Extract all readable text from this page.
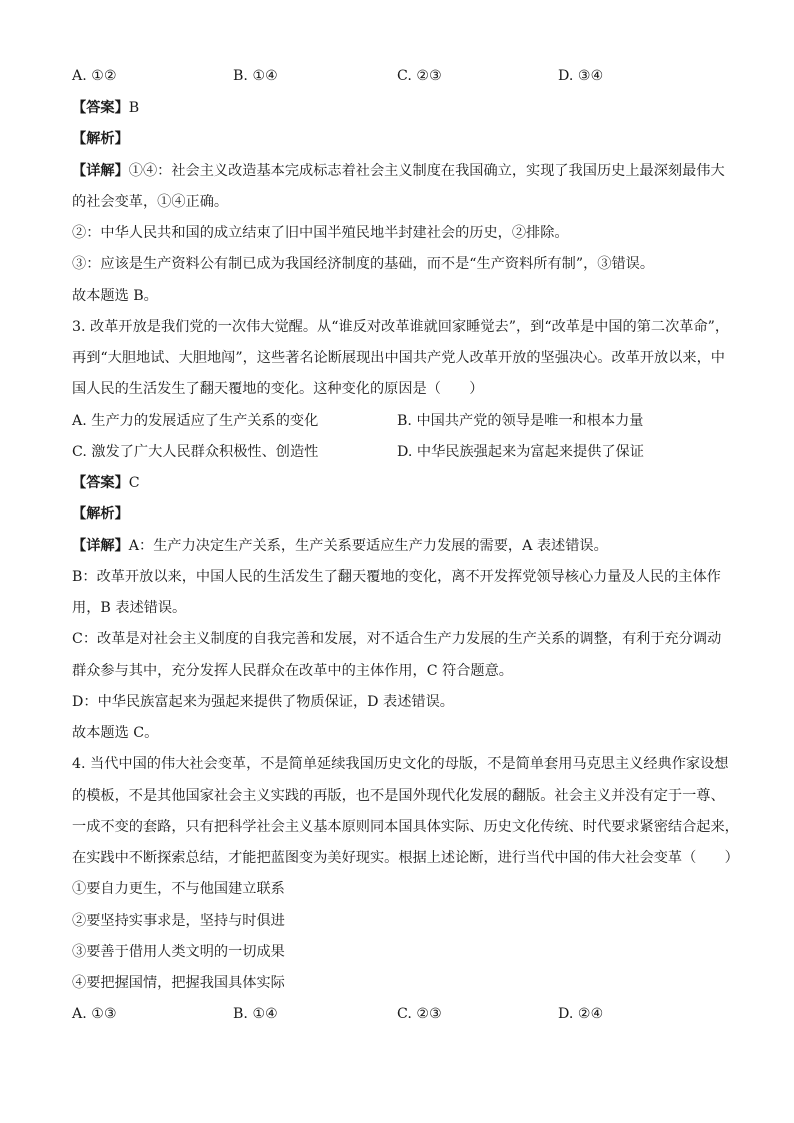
A. ①②	B. ①④	C. ②③	D. ③④
【答案】B
【解析】
【详解】①④：社会主义改造基本完成标志着社会主义制度在我国确立，实现了我国历史上最深刻最伟大
的社会变革，①④正确。
②：中华人民共和国的成立结束了旧中国半殖民地半封建社会的历史，②排除。
③：应该是生产资料公有制已成为我国经济制度的基础，而不是“生产资料所有制”，③错误。
故本题选 B。
3. 改革开放是我们党的一次伟大觉醒。从“谁反对改革谁就回家睡觉去”，到“改革是中国的第二次革命”，
再到“大胆地试、大胆地闯”，这些著名论断展现出中国共产党人改革开放的坚强决心。改革开放以来，中
国人民的生活发生了翻天覆地的变化。这种变化的原因是（　　）
A. 生产力的发展适应了生产关系的变化	B. 中国共产党的领导是唯一和根本力量
C. 激发了广大人民群众积极性、创造性	D. 中华民族强起来为富起来提供了保证
【答案】C
【解析】
【详解】A：生产力决定生产关系，生产关系要适应生产力发展的需要，A 表述错误。
B：改革开放以来，中国人民的生活发生了翻天覆地的变化，离不开发挥党领导核心力量及人民的主体作
用，B 表述错误。
C：改革是对社会主义制度的自我完善和发展，对不适合生产力发展的生产关系的调整，有利于充分调动
群众参与其中，充分发挥人民群众在改革中的主体作用，C 符合题意。
D：中华民族富起来为强起来提供了物质保证，D 表述错误。
故本题选 C。
4. 当代中国的伟大社会变革，不是简单延续我国历史文化的母版，不是简单套用马克思主义经典作家设想
的模板，不是其他国家社会主义实践的再版，也不是国外现代化发展的翻版。社会主义并没有定于一尊、
一成不变的套路，只有把科学社会主义基本原则同本国具体实际、历史文化传统、时代要求紧密结合起来，
在实践中不断探索总结，才能把蓝图变为美好现实。根据上述论断，进行当代中国的伟大社会变革（　　）
①要自力更生，不与他国建立联系
②要坚持实事求是，坚持与时俱进
③要善于借用人类文明的一切成果
④要把握国情，把握我国具体实际
A. ①③	B. ①④	C. ②③	D. ②④
